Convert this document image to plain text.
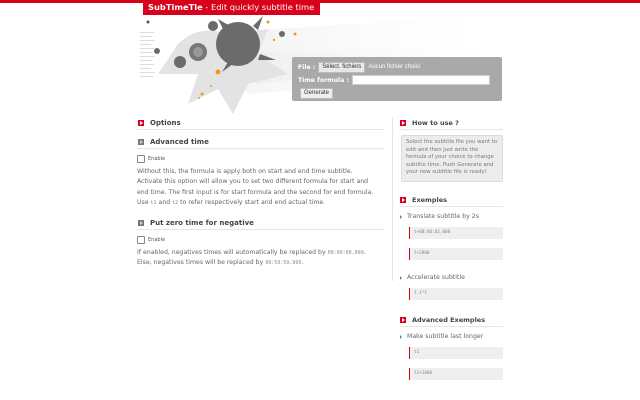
SubTimeTle - Edit quickly subtitle time
File :	Sélect. fichiers	Aucun fichier choisi
Time formula :
Generate
Options
Advanced time
Enable

Without this, the formula is apply both on start and end time subtitle.
Activate this option will allow you to set two different formula for start and
end time. The first input is for start formula and the second for end formula.
Use t1 and t2 to refer respectively start and end actual time.

Put zero time for negative
Enable

If enabled, negatives times will automatically be replaced by 00:00:00,000.
Else, negatives times will be replaced by 99:59:59,999.

How to use ?
Select the subtitle file you want to edit and then just write the formula of your choice to change subtitle time. Push Generate and your new subtitle file is ready!
Exemples
Translate subtitle by 2s
t+00:00:02,000
t+2000
Accelerate subtitle
1.1*t
Advanced Exemples
Make subtitle last longer
t1
t2+1000
